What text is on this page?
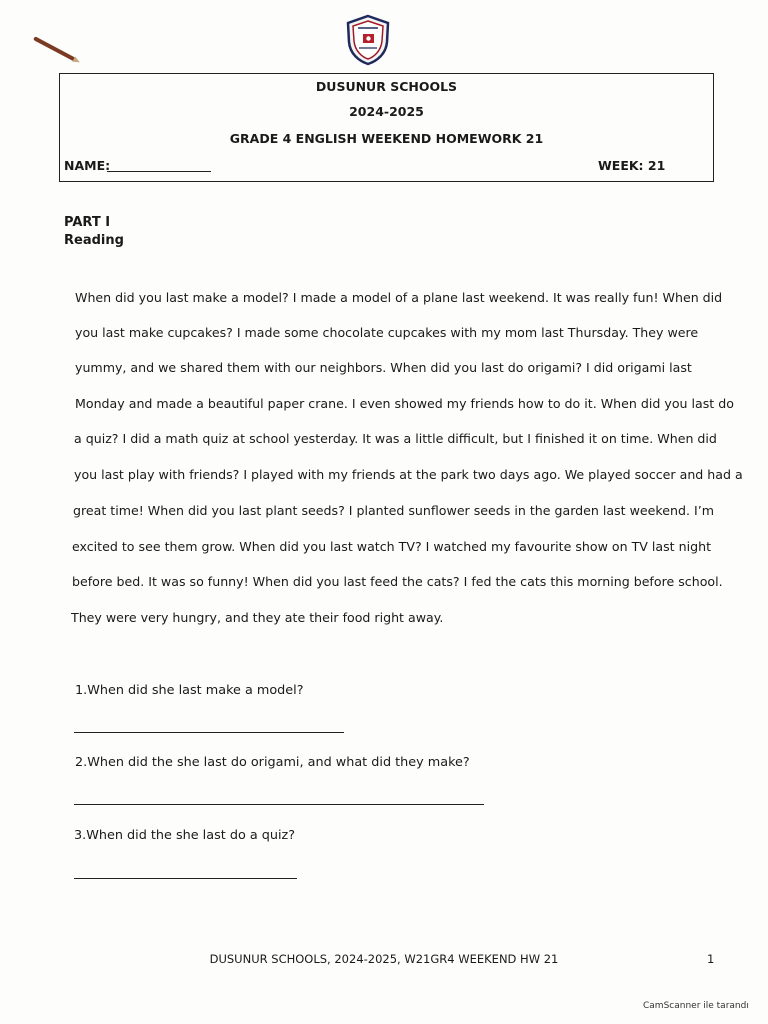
DUSUNUR SCHOOLS
2024-2025
GRADE 4 ENGLISH WEEKEND HOMEWORK 21
NAME:	WEEK: 21
PART I
Reading
When did you last make a model? I made a model of a plane last weekend. It was really fun! When did
you last make cupcakes? I made some chocolate cupcakes with my mom last Thursday. They were
yummy, and we shared them with our neighbors. When did you last do origami? I did origami last
Monday and made a beautiful paper crane. I even showed my friends how to do it. When did you last do
a quiz? I did a math quiz at school yesterday. It was a little difficult, but I finished it on time. When did
you last play with friends? I played with my friends at the park two days ago. We played soccer and had a
great time! When did you last plant seeds? I planted sunflower seeds in the garden last weekend. I’m
excited to see them grow. When did you last watch TV? I watched my favourite show on TV last night
before bed. It was so funny! When did you last feed the cats? I fed the cats this morning before school.
They were very hungry, and they ate their food right away.
1.When did she last make a model?
2.When did the she last do origami, and what did they make?
3.When did the she last do a quiz?
DUSUNUR SCHOOLS, 2024-2025, W21GR4 WEEKEND HW 21	1
CamScanner ile tarandı
